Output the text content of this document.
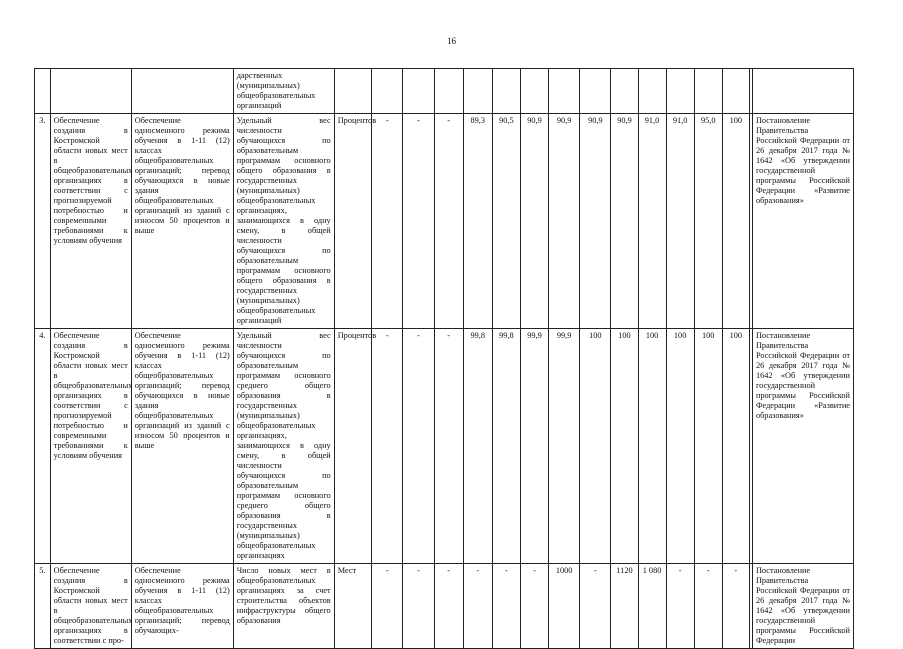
16
			дарственных (муниципальных) общеобразовательных организаций																
3.	Обеспечение создания в Костромской области новых мест в общеобразовательных организациях в соответствии с прогнозируемой потребностью и современными требованиями к условиям обучения	Обеспечение односменного режима обучения в 1-11 (12) классах общеобразовательных организаций; перевод обучающихся в новые здания общеобразовательных организаций из зданий с износом 50 процентов и выше	Удельный вес численности обучающихся по образовательным программам основного общего образования в государственных (муниципальных) общеобразовательных организациях, занимающихся в одну смену, в общей численности обучающихся по образовательным программам основного общего образования в государственных (муниципальных) общеобразовательных организаций	Процентов	-	-	-	89,3	90,5	90,9	90,9	90,9	90,9	91,0	91,0	95,0	100		Постановление Правительства Российской Федерации от 26 декабря 2017 года № 1642 «Об утверждении государственной программы Российской Федерации «Развитие образования»
4.	Обеспечение создания в Костромской области новых мест в общеобразовательных организациях в соответствии с прогнозируемой потребностью и современными требованиями к условиям обучения	Обеспечение односменного режима обучения в 1-11 (12) классах общеобразовательных организаций; перевод обучающихся в новые здания общеобразовательных организаций из зданий с износом 50 процентов и выше	Удельный вес численности обучающихся по образовательным программам основного среднего общего образования в государственных (муниципальных) общеобразовательных организациях, занимающихся в одну смену, в общей численности обучающихся по образовательным программам основного среднего общего образования в государственных (муниципальных) общеобразовательных организациях	Процентов	-	-	-	99,8	99,8	99,9	99,9	100	100	100	100	100	100		Постановление Правительства Российской Федерации от 26 декабря 2017 года № 1642 «Об утверждении государственной программы Российской Федерации «Развитие образования»
5.	Обеспечение создания в Костромской области новых мест в общеобразовательных организациях в соответствии с про-	Обеспечение односменного режима обучения в 1-11 (12) классах общеобразовательных организаций; перевод обучающих-	Число новых мест в общеобразовательных организациях за счет строительства объектов инфраструктуры общего образования	Мест	-	-	-	-	-	-	1000	-	1120	1 080	-	-	-		Постановление Правительства Российской Федерации от 26 декабря 2017 года № 1642 «Об утверждении государственной программы Российской Федерации
